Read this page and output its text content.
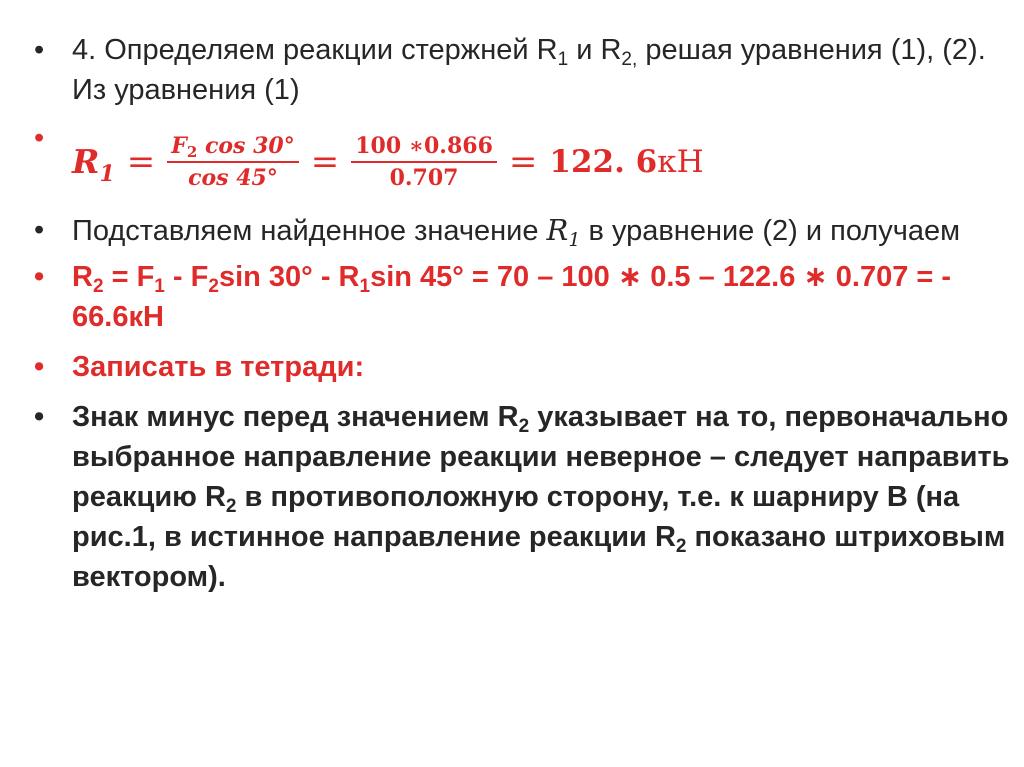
• 4. Определяем реакции стержней $R_1$ и $R_{2,}$ решая уравнения (1), (2). Из уравнения (1)
• $R_1 = \frac{F_2 \cos 30^\circ}{\cos 45^\circ} = \frac{100 ∗0.866}{0.707} = 122$. 6 кН
• Подставляем найденное значение $R_1$ в уравнение (2) и получаем
• $R_2 = F_1 - F_2\sin$ $30^\circ - R_1\sin$ 45° = 70 – 100 ∗ 0.5 – 122.6 ∗ 0.707 = - 66.6кН
• Записать в тетради:
• Знак минус перед значением $R_2$ указывает на то, первоначально выбранное направление реакции неверное – следует направить реакцию $R_2$ в противоположную сторону, т.е. к шарниру B (на рис.1, в истинное направление реакции $R_2$ показано штриховым вектором).
